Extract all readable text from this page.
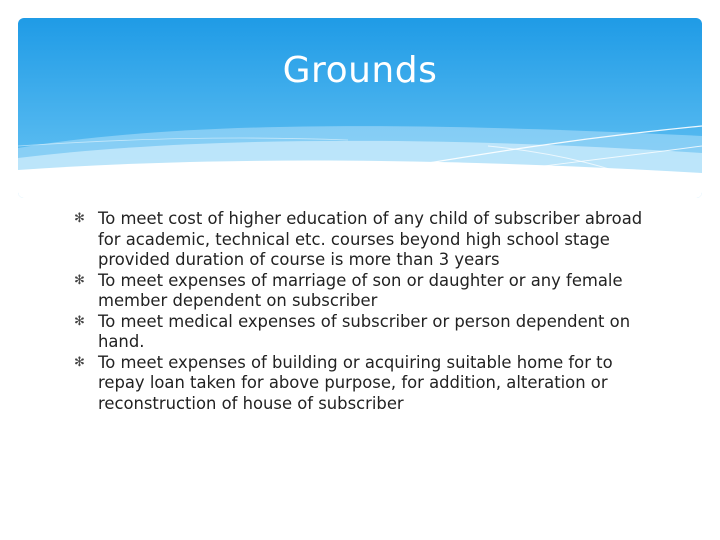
Grounds
✻ To meet cost of higher education of any child of subscriber abroad for academic, technical etc. courses beyond high school stage provided duration of course is more than 3 years
✻ To meet expenses of marriage of son or daughter or any female member dependent on subscriber
✻ To meet medical expenses of subscriber or person dependent on hand.
✻ To meet expenses of building or acquiring suitable home for to repay loan taken for above purpose, for addition, alteration or reconstruction of house of subscriber
